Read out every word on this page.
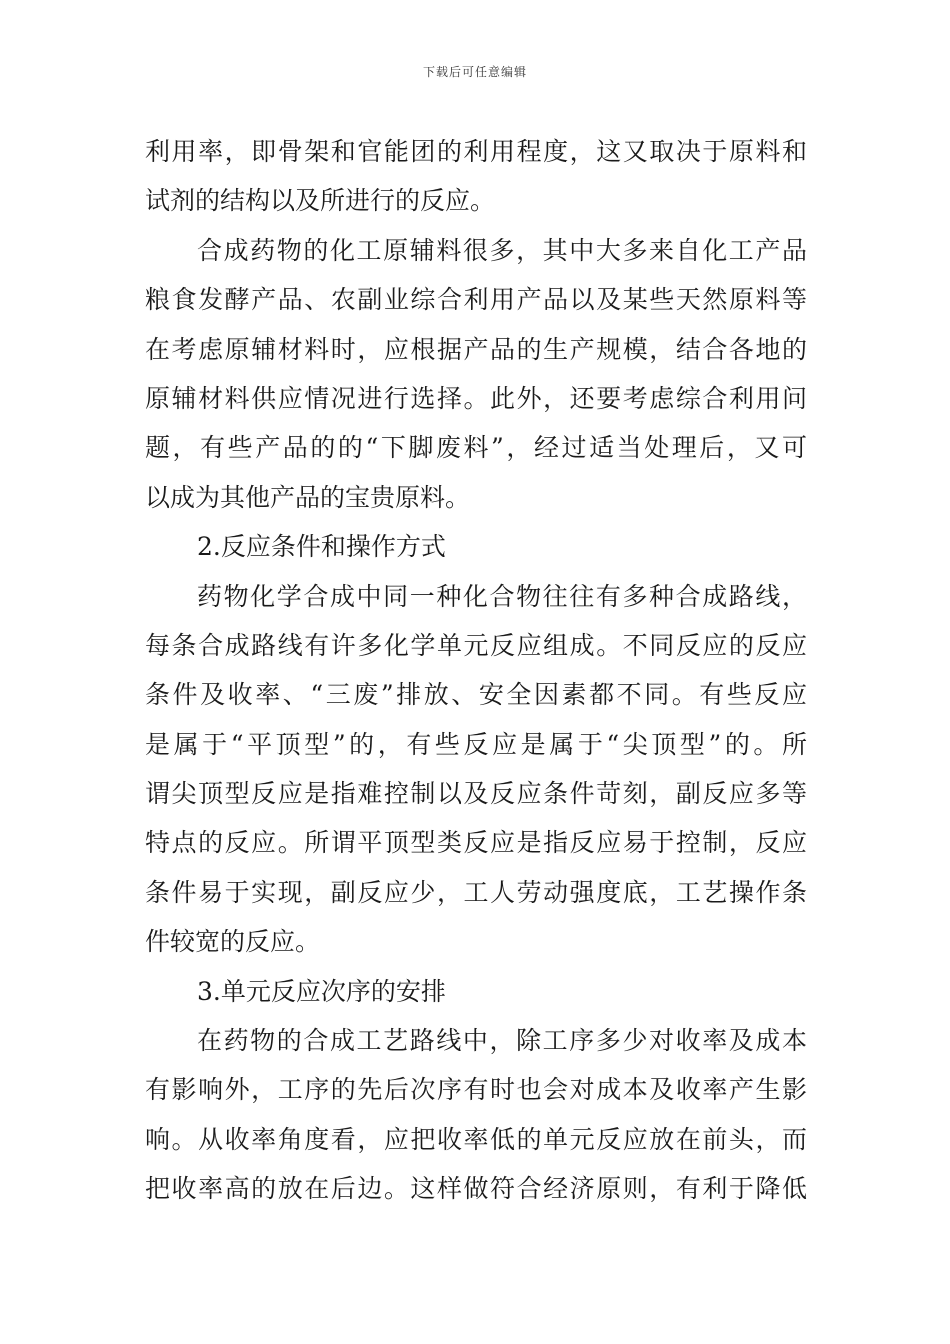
下载后可任意编辑
利用率，即骨架和官能团的利用程度，这又取决于原料和
试剂的结构以及所进行的反应。
合成药物的化工原辅料很多，其中大多来自化工产品
粮食发酵产品、农副业综合利用产品以及某些天然原料等
在考虑原辅材料时，应根据产品的生产规模，结合各地的
原辅材料供应情况进行选择。此外，还要考虑综合利用问
题，有些产品的的“下脚废料”，经过适当处理后，又可
以成为其他产品的宝贵原料。
2.反应条件和操作方式
药物化学合成中同一种化合物往往有多种合成路线，
每条合成路线有许多化学单元反应组成。不同反应的反应
条件及收率、“三废”排放、安全因素都不同。有些反应
是属于“平顶型”的，有些反应是属于“尖顶型”的。所
谓尖顶型反应是指难控制以及反应条件苛刻，副反应多等
特点的反应。所谓平顶型类反应是指反应易于控制，反应
条件易于实现，副反应少，工人劳动强度底，工艺操作条
件较宽的反应。
3.单元反应次序的安排
在药物的合成工艺路线中，除工序多少对收率及成本
有影响外，工序的先后次序有时也会对成本及收率产生影
响。从收率角度看，应把收率低的单元反应放在前头，而
把收率高的放在后边。这样做符合经济原则，有利于降低
